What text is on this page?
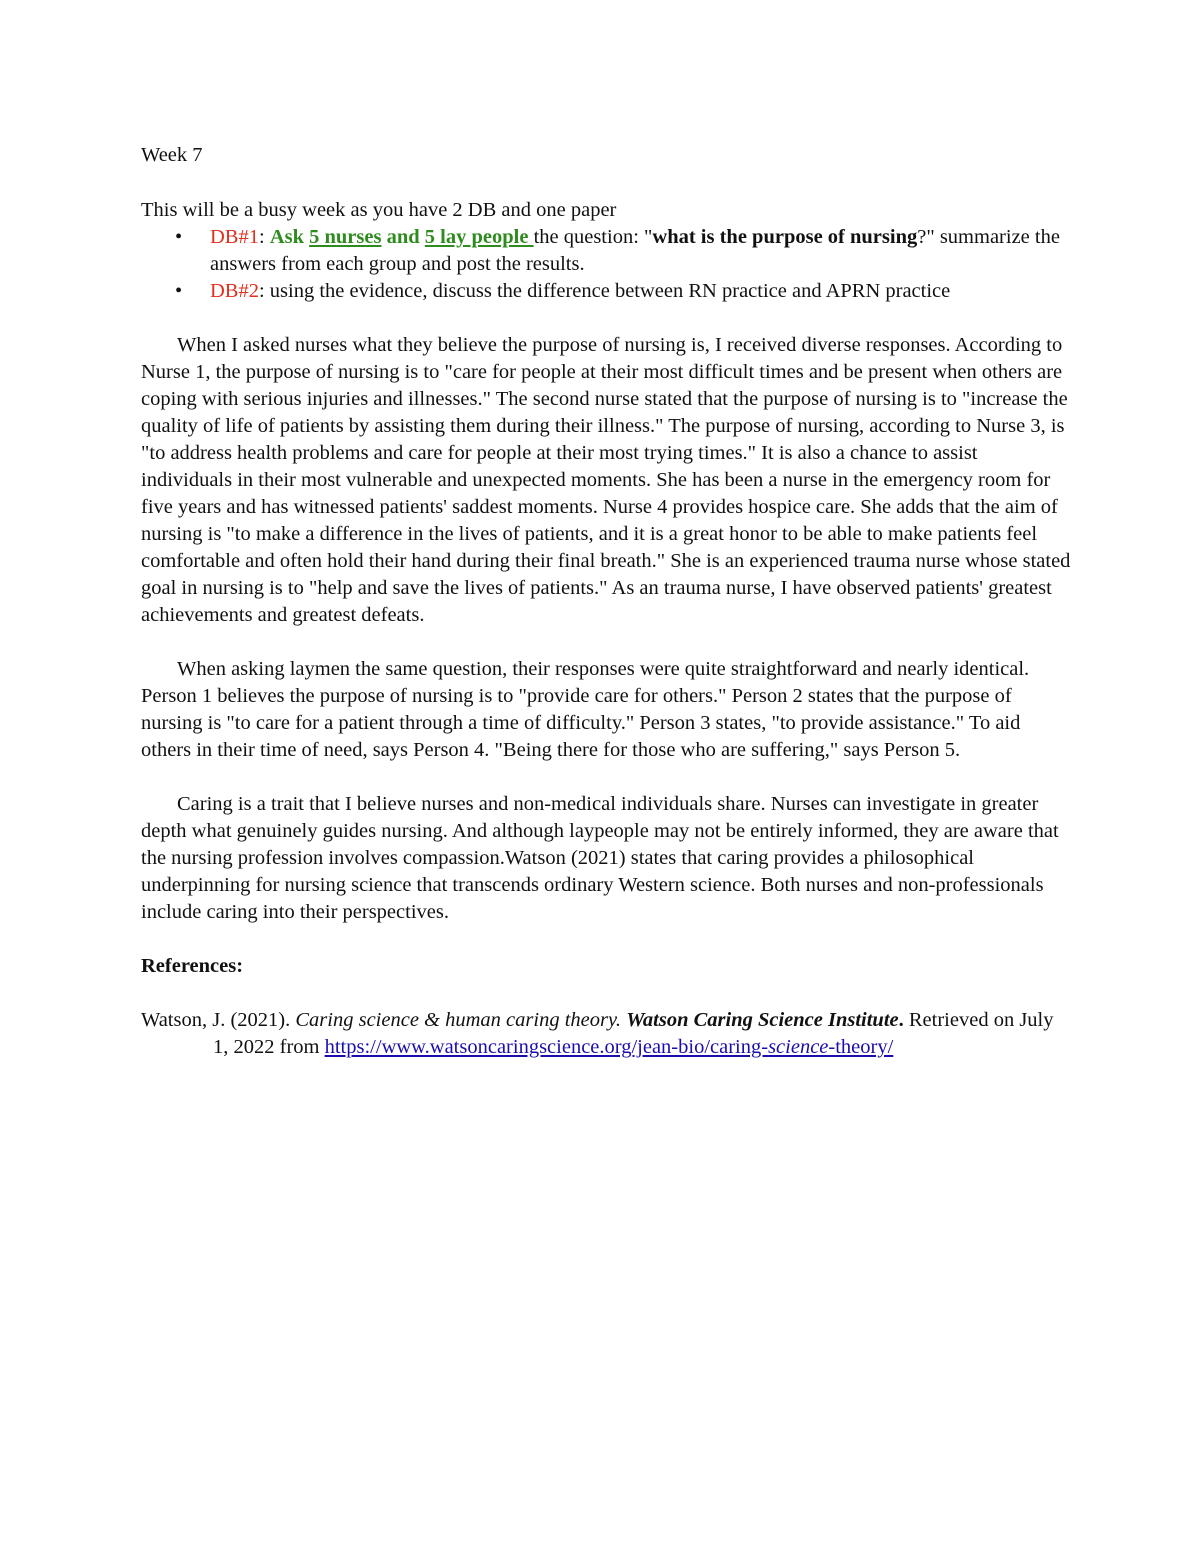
Week 7

This will be a busy week as you have 2 DB and one paper

• DB#1: Ask 5 nurses and 5 lay people the question: "what is the purpose of nursing?" summarize the answers from each group and post the results.
• DB#2: using the evidence, discuss the difference between RN practice and APRN practice

When I asked nurses what they believe the purpose of nursing is, I received diverse responses. According to Nurse 1, the purpose of nursing is to "care for people at their most difficult times and be present when others are coping with serious injuries and illnesses." The second nurse stated that the purpose of nursing is to "increase the quality of life of patients by assisting them during their illness." The purpose of nursing, according to Nurse 3, is "to address health problems and care for people at their most trying times." It is also a chance to assist individuals in their most vulnerable and unexpected moments. She has been a nurse in the emergency room for five years and has witnessed patients' saddest moments. Nurse 4 provides hospice care. She adds that the aim of nursing is "to make a difference in the lives of patients, and it is a great honor to be able to make patients feel comfortable and often hold their hand during their final breath." She is an experienced trauma nurse whose stated goal in nursing is to "help and save the lives of patients." As an trauma nurse, I have observed patients' greatest achievements and greatest defeats.

When asking laymen the same question, their responses were quite straightforward and nearly identical. Person 1 believes the purpose of nursing is to "provide care for others." Person 2 states that the purpose of nursing is "to care for a patient through a time of difficulty." Person 3 states, "to provide assistance." To aid others in their time of need, says Person 4. "Being there for those who are suffering," says Person 5.

Caring is a trait that I believe nurses and non-medical individuals share. Nurses can investigate in greater depth what genuinely guides nursing. And although laypeople may not be entirely informed, they are aware that the nursing profession involves compassion.Watson (2021) states that caring provides a philosophical underpinning for nursing science that transcends ordinary Western science. Both nurses and non-professionals include caring into their perspectives.

References:

Watson, J. (2021). Caring science & human caring theory. Watson Caring Science Institute. Retrieved on July 1, 2022 from https://www.watsoncaringscience.org/jean-bio/caring-science-theory/
